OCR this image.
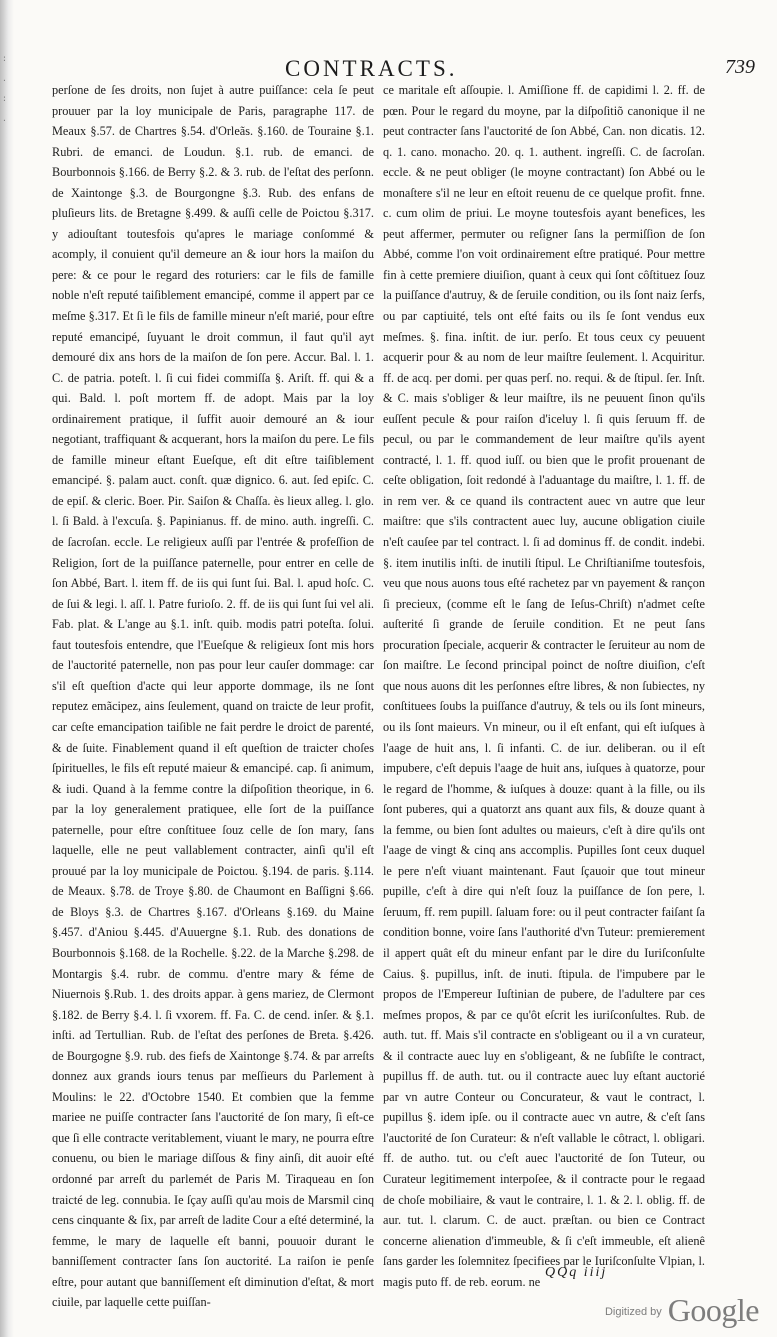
:

.

:

.
CONTRACTS.	739

perſone de ſes droits, non ſujet à autre puiſſance: cela ſe peut prouuer par la loy municipale de Paris, paragraphe 117. de Meaux §.57. de Chartres §.54. d'Orleãs. §.160. de Touraine §.1. Rubri. de emanci. de Loudun. §.1. rub. de emanci. de Bourbonnois §.166. de Berry §.2. & 3. rub. de l'eſtat des perſonn. de Xaintonge §.3. de Bourgongne §.3. Rub. des enfans de pluſieurs lits. de Bretagne §.499. & auſſi celle de Poictou §.317. y adiouſtant toutesfois qu'apres le mariage conſommé & acomply, il conuient qu'il demeure an & iour hors la maiſon du pere: & ce pour le regard des roturiers: car le fils de famille noble n'eſt reputé taiſiblement emancipé, comme il appert par ce meſme §.317. Et ſi le fils de famille mineur n'eſt marié, pour eſtre reputé emancipé, ſuyuant le droit commun, il faut qu'il ayt demouré dix ans hors de la maiſon de ſon pere. Accur. Bal. l. 1. C. de patria. poteſt. l. ſi cui fidei commiſſa §. Ariſt. ff. qui & a qui. Bald. l. poſt mortem ff. de adopt. Mais par la loy ordinairement pratique, il ſuffit auoir demouré an & iour negotiant, traffiquant & acquerant, hors la maiſon du pere. Le fils de famille mineur eſtant Eueſque, eſt dit eſtre taiſiblement emancipé. §. palam auct. conſt. quæ dignico. 6. aut. ſed epiſc. C. de epiſ. & cleric. Boer. Pir. Saiſon & Chaſſa. ès lieux alleg. l. glo. l. ſi Bald. à l'excuſa. §. Papinianus. ff. de mino. auth. ingreſſi. C. de ſacroſan. eccle. Le religieux auſſi par l'entrée & profeſſion de Religion, ſort de la puiſſance paternelle, pour entrer en celle de ſon Abbé, Bart. l. item ff. de iis qui ſunt ſui. Bal. l. apud hoſc. C. de ſui & legi. l. aſſ. l. Patre furioſo. 2. ff. de iis qui ſunt ſui vel ali. Fab. plat. & L'ange au §.1. inſt. quib. modis patri poteſta. ſolui. faut toutesfois entendre, que l'Eueſque & religieux ſont mis hors de l'auctorité paternelle, non pas pour leur cauſer dommage: car s'il eſt queſtion d'acte qui leur apporte dommage, ils ne ſont reputez emãcipez, ains ſeulement, quand on traicte de leur profit, car ceſte emancipation taiſible ne fait perdre le droict de parenté, & de ſuite. Finablement quand il eſt queſtion de traicter choſes ſpirituelles, le fils eſt reputé maieur & emancipé. cap. ſi animum, & iudi. Quand à la femme contre la diſpoſition theorique, in 6. par la loy generalement pratiquee, elle ſort de la puiſſance paternelle, pour eſtre conſtituee ſouz celle de ſon mary, ſans laquelle, elle ne peut vallablement contracter, ainſi qu'il eſt prouué par la loy municipale de Poictou. §.194. de paris. §.114. de Meaux. §.78. de Troye §.80. de Chaumont en Baſſigni §.66. de Bloys §.3. de Chartres §.167. d'Orleans §.169. du Maine §.457. d'Aniou §.445. d'Auuergne §.1. Rub. des donations de Bourbonnois §.168. de la Rochelle. §.22. de la Marche §.298. de Montargis §.4. rubr. de commu. d'entre mary & féme de Niuernois §.Rub. 1. des droits appar. à gens mariez, de Clermont §.182. de Berry §.4. l. ſi vxorem. ff. Fa. C. de cend. inſer. & §.1. inſti. ad Tertullian. Rub. de l'eſtat des perſones de Breta. §.426. de Bourgogne §.9. rub. des fiefs de Xaintonge §.74. & par arreſts donnez aux grands iours tenus par meſſieurs du Parlement à Moulins: le 22. d'Octobre 1540. Et combien que la femme mariee ne puiſſe contracter ſans l'auctorité de ſon mary, ſi eſt-ce que ſi elle contracte veritablement, viuant le mary, ne pourra eſtre conuenu, ou bien le mariage diſſous & finy ainſi, dit auoir eſté ordonné par arreſt du parlemét de Paris M. Tiraqueau en ſon traicté de leg. connubia. Ie ſçay auſſi qu'au mois de Marsmil cinq cens cinquante & ſix, par arreſt de ladite Cour a eſté determiné, la femme, le mary de laquelle eſt banni, pouuoir durant le banniſſement contracter ſans ſon auctorité. La raiſon ie penſe eſtre, pour autant que banniſſement eſt diminution d'eſtat, & mort ciuile, par laquelle cette puiſſan-

ce maritale eſt aſſoupie. l. Amiſſione ff. de capidimi l. 2. ff. de pœn. Pour le regard du moyne, par la diſpoſitiõ canonique il ne peut contracter ſans l'auctorité de ſon Abbé, Can. non dicatis. 12. q. 1. cano. monacho. 20. q. 1. authent. ingreſſi. C. de ſacroſan. eccle. & ne peut obliger (le moyne contractant) ſon Abbé ou le monaſtere s'il ne leur en eſtoit reuenu de ce quelque profit. fnne. c. cum olim de priui. Le moyne toutesfois ayant benefices, les peut affermer, permuter ou reſigner ſans la permiſſion de ſon Abbé, comme l'on voit ordinairement eſtre pratiqué. Pour mettre fin à cette premiere diuiſion, quant à ceux qui ſont côſtituez ſouz la puiſſance d'autruy, & de ſeruile condition, ou ils ſont naiz ſerfs, ou par captiuité, tels ont eſté faits ou ils ſe ſont vendus eux meſmes. §. fina. inſtit. de iur. perſo. Et tous ceux cy peuuent acquerir pour & au nom de leur maiſtre ſeulement. l. Acquiritur. ff. de acq. per domi. per quas perſ. no. requi. & de ſtipul. ſer. Inſt. & C. mais s'obliger & leur maiſtre, ils ne peuuent ſinon qu'ils euſſent pecule & pour raiſon d'iceluy l. ſi quis ſeruum ff. de pecul, ou par le commandement de leur maiſtre qu'ils ayent contracté, l. 1. ff. quod iuſſ. ou bien que le profit prouenant de ceſte obligation, ſoit redondé à l'aduantage du maiſtre, l. 1. ff. de in rem ver. & ce quand ils contractent auec vn autre que leur maiſtre: que s'ils contractent auec luy, aucune obligation ciuile n'eſt cauſee par tel contract. l. ſi ad dominus ff. de condit. indebi. §. item inutilis inſti. de inutili ſtipul. Le Chriſtianiſme toutesfois, veu que nous auons tous eſté rachetez par vn payement & rançon ſi precieux, (comme eſt le ſang de Ieſus-Chriſt) n'admet ceſte auſterité ſi grande de ſeruile condition. Et ne peut ſans procuration ſpeciale, acquerir & contracter le ſeruiteur au nom de ſon maiſtre. Le ſecond principal poinct de noſtre diuiſion, c'eſt que nous auons dit les perſonnes eſtre libres, & non ſubiectes, ny conſtituees ſoubs la puiſſance d'autruy, & tels ou ils ſont mineurs, ou ils ſont maieurs. Vn mineur, ou il eſt enfant, qui eſt iuſques à l'aage de huit ans, l. ſi infanti. C. de iur. deliberan. ou il eſt impubere, c'eſt depuis l'aage de huit ans, iuſques à quatorze, pour le regard de l'homme, & iuſques à douze: quant à la fille, ou ils ſont puberes, qui a quatorzt ans quant aux fils, & douze quant à la femme, ou bien ſont adultes ou maieurs, c'eſt à dire qu'ils ont l'aage de vingt & cinq ans accomplis. Pupilles ſont ceux duquel le pere n'eſt viuant maintenant. Faut ſçauoir que tout mineur pupille, c'eſt à dire qui n'eſt ſouz la puiſſance de ſon pere, l. ſeruum, ff. rem pupill. ſaluam fore: ou il peut contracter faiſant ſa condition bonne, voire ſans l'authorité d'vn Tuteur: premierement il appert quât eſt du mineur enfant par le dire du Iuriſconſulte Caius. §. pupillus, inſt. de inuti. ſtipula. de l'impubere par le propos de l'Empereur Iuſtinian de pubere, de l'adultere par ces meſmes propos, & par ce qu'ôt eſcrit les iuriſconſultes. Rub. de auth. tut. ff. Mais s'il contracte en s'obligeant ou il a vn curateur, & il contracte auec luy en s'obligeant, & ne ſubſiſte le contract, pupillus ff. de auth. tut. ou il contracte auec luy eſtant auctorié par vn autre Conteur ou Concurateur, & vaut le contract, l. pupillus §. idem ipſe. ou il contracte auec vn autre, & c'eſt ſans l'auctorité de ſon Curateur: & n'eſt vallable le côtract, l. obligari. ff. de autho. tut. ou c'eſt auec l'auctorité de ſon Tuteur, ou Curateur legitimement interpoſee, & il contracte pour le regaad de choſe mobiliaire, & vaut le contraire, l. 1. & 2. l. oblig. ff. de aur. tut. l. clarum. C. de auct. præſtan. ou bien ce Contract concerne alienation d'immeuble, & ſi c'eſt immeuble, eſt alienê ſans garder les ſolemnitez ſpecifiees par le Iuriſconſulte Vlpian, l. magis puto ff. de reb. eorum. ne

QQq iiij
$^{Digitized by}$ Google
